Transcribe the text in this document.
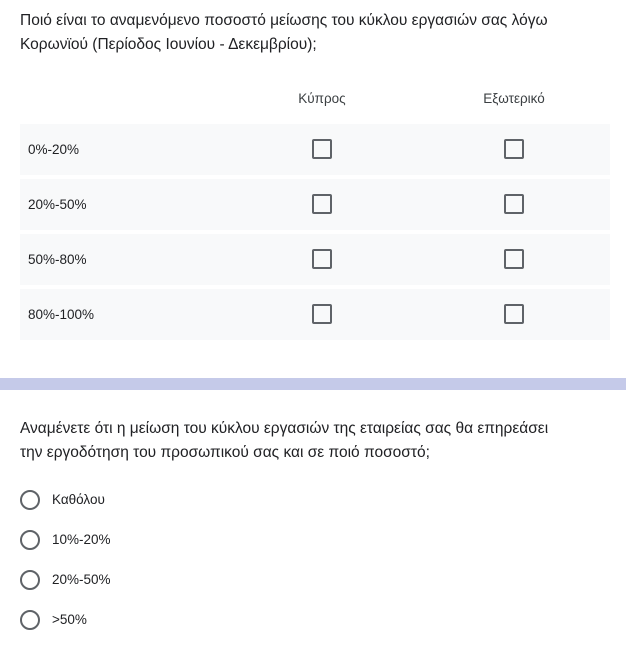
Ποιό είναι το αναμενόμενο ποσοστό μείωσης του κύκλου εργασιών σας λόγω
Κορωνϊού (Περίοδος Ιουνίου - Δεκεμβρίου);
Κύπρος	Εξωτερικό
0%-20%
20%-50%
50%-80%
80%-100%
Αναμένετε ότι η μείωση του κύκλου εργασιών της εταιρείας σας θα επηρεάσει
την εργοδότηση του προσωπικού σας και σε ποιό ποσοστό;
Καθόλου
10%-20%
20%-50%
>50%
